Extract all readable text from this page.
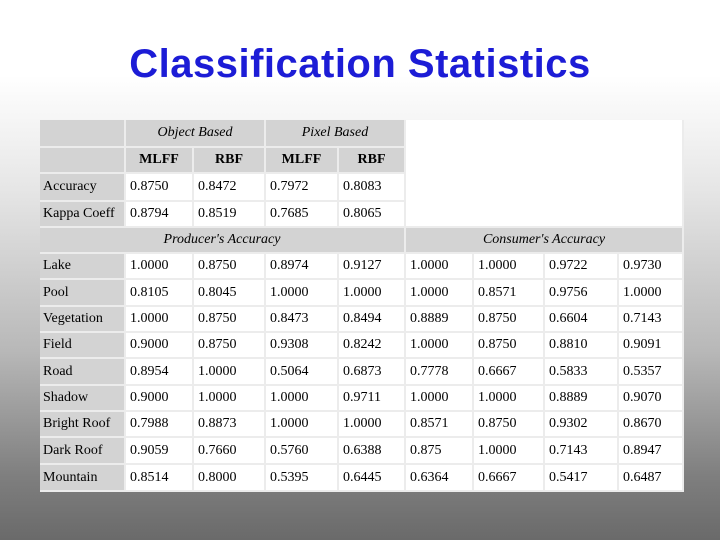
Classification Statistics
Object Based	Pixel Based
MLFF	RBF	MLFF	RBF
Accuracy	0.8750	0.8472	0.7972	0.8083
Kappa Coeff	0.8794	0.8519	0.7685	0.8065
Producer's Accuracy	Consumer's Accuracy
Lake	1.0000	0.8750	0.8974	0.9127	1.0000	1.0000	0.9722	0.9730
Pool	0.8105	0.8045	1.0000	1.0000	1.0000	0.8571	0.9756	1.0000
Vegetation	1.0000	0.8750	0.8473	0.8494	0.8889	0.8750	0.6604	0.7143
Field	0.9000	0.8750	0.9308	0.8242	1.0000	0.8750	0.8810	0.9091
Road	0.8954	1.0000	0.5064	0.6873	0.7778	0.6667	0.5833	0.5357
Shadow	0.9000	1.0000	1.0000	0.9711	1.0000	1.0000	0.8889	0.9070
Bright Roof	0.7988	0.8873	1.0000	1.0000	0.8571	0.8750	0.9302	0.8670
Dark Roof	0.9059	0.7660	0.5760	0.6388	0.875	1.0000	0.7143	0.8947
Mountain	0.8514	0.8000	0.5395	0.6445	0.6364	0.6667	0.5417	0.6487
